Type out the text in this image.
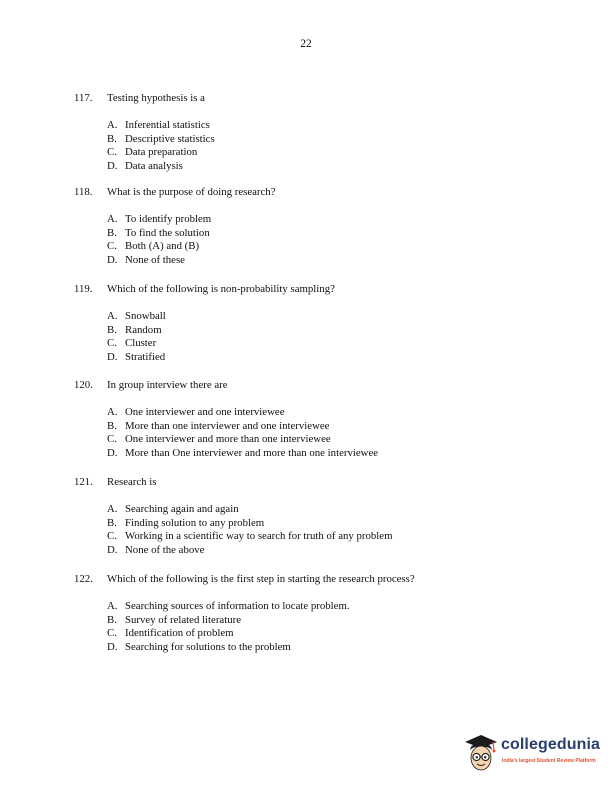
22
117.	Testing hypothesis is a
A. Inferential statistics
B. Descriptive statistics
C. Data preparation
D. Data analysis
118.	What is the purpose of doing research?
A. To identify problem
B. To find the solution
C. Both (A) and (B)
D. None of these
119.	Which of the following is non-probability sampling?
A. Snowball
B. Random
C. Cluster
D. Stratified
120.	In group interview there are
A. One interviewer and one interviewee
B. More than one interviewer and one interviewee
C. One interviewer and more than one interviewee
D. More than One interviewer and more than one interviewee
121.	Research is
A. Searching again and again
B. Finding solution to any problem
C. Working in a scientific way to search for truth of any problem
D. None of the above
122.	Which of the following is the first step in starting the research process?
A. Searching sources of information to locate problem.
B. Survey of related literature
C. Identification of problem
D. Searching for solutions to the problem
collegedunia
India's largest Student Review Platform
